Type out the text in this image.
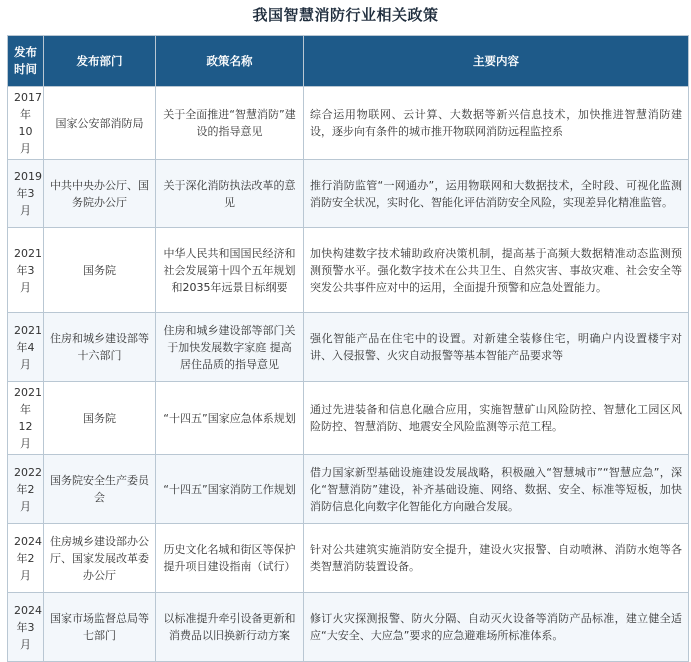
我国智慧消防行业相关政策
发布时间	发布部门	政策名称	主要内容
2017年10月	国家公安部消防局	关于全面推进“智慧消防”建设的指导意见	综合运用物联网、云计算、大数据等新兴信息技术，加快推进智慧消防建设，逐步向有条件的城市推开物联网消防远程监控系
2019年3月	中共中央办公厅、国务院办公厅	关于深化消防执法改革的意见	推行消防监管“一网通办”，运用物联网和大数据技术，全时段、可视化监测消防安全状况，实时化、智能化评估消防安全风险，实现差异化精准监管。
2021年3月	国务院	中华人民共和国国民经济和社会发展第十四个五年规划和2035年远景目标纲要	加快构建数字技术辅助政府决策机制，提高基于高频大数据精准动态监测预测预警水平。强化数字技术在公共卫生、自然灾害、事故灾难、社会安全等突发公共事件应对中的运用，全面提升预警和应急处置能力。
2021年4月	住房和城乡建设部等十六部门	住房和城乡建设部等部门关于加快发展数字家庭 提高居住品质的指导意见	强化智能产品在住宅中的设置。对新建全装修住宅，明确户内设置楼宇对讲、入侵报警、火灾自动报警等基本智能产品要求等
2021年12月	国务院	“十四五”国家应急体系规划	通过先进装备和信息化融合应用，实施智慧矿山风险防控、智慧化工园区风险防控、智慧消防、地震安全风险监测等示范工程。
2022年2月	国务院安全生产委员会	“十四五”国家消防工作规划	借力国家新型基础设施建设发展战略，积极融入“智慧城市”“智慧应急”，深化“智慧消防”建设，补齐基础设施、网络、数据、安全、标准等短板，加快消防信息化向数字化智能化方向融合发展。
2024年2月	住房城乡建设部办公厅、国家发展改革委办公厅	历史文化名城和街区等保护提升项目建设指南（试行）	针对公共建筑实施消防安全提升，建设火灾报警、自动喷淋、消防水炮等各类智慧消防装置设备。
2024年3月	国家市场监督总局等七部门	以标准提升牵引设备更新和消费品以旧换新行动方案	修订火灾探测报警、防火分隔、自动灭火设备等消防产品标准，建立健全适应“大安全、大应急”要求的应急避难场所标准体系。
